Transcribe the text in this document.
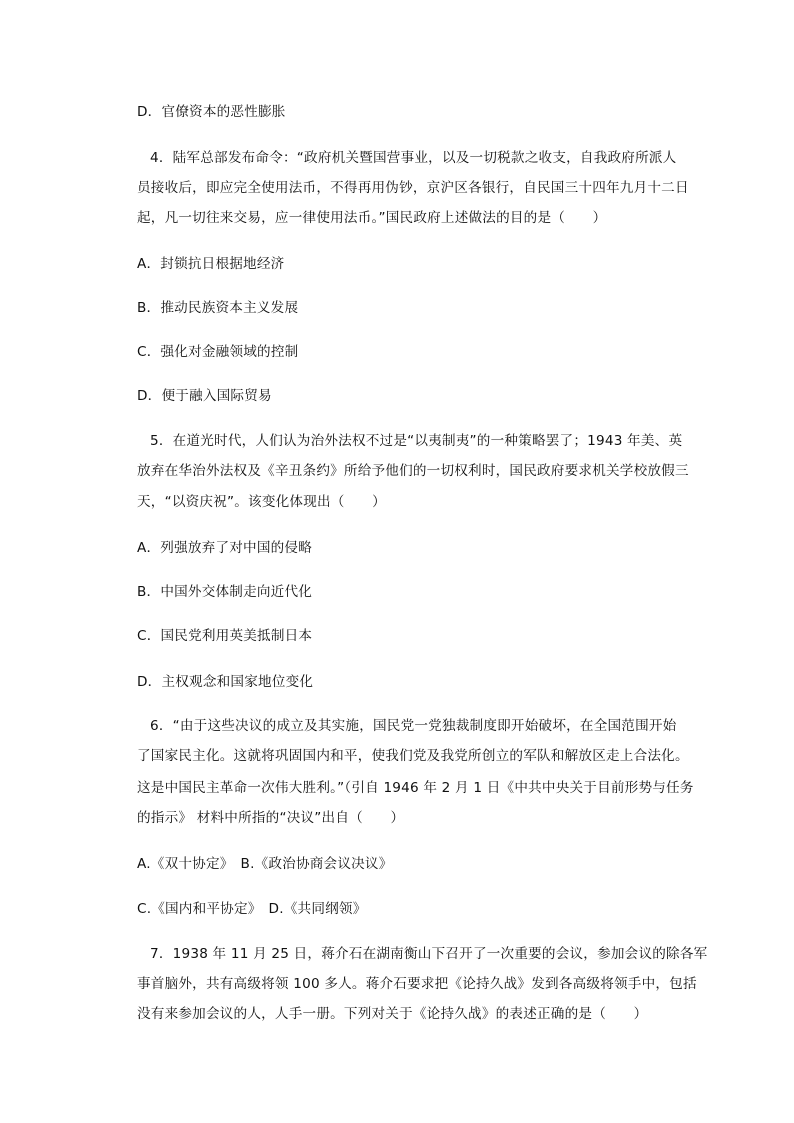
D．官僚资本的恶性膨胀
4．陆军总部发布命令：“政府机关暨国营事业，以及一切税款之收支，自我政府所派人
员接收后，即应完全使用法币，不得再用伪钞，京沪区各银行，自民国三十四年九月十二日
起，凡一切往来交易，应一律使用法币。”国民政府上述做法的目的是（　　）
A．封锁抗日根据地经济
B．推动民族资本主义发展
C．强化对金融领域的控制
D．便于融入国际贸易
5．在道光时代，人们认为治外法权不过是“以夷制夷”的一种策略罢了；1943 年美、英
放弃在华治外法权及《辛丑条约》所给予他们的一切权利时，国民政府要求机关学校放假三
天，“以资庆祝”。该变化体现出（　　）
A．列强放弃了对中国的侵略
B．中国外交体制走向近代化
C．国民党利用英美抵制日本
D．主权观念和国家地位变化
6．“由于这些决议的成立及其实施，国民党一党独裁制度即开始破坏，在全国范围开始
了国家民主化。这就将巩固国内和平，使我们党及我党所创立的军队和解放区走上合法化。
这是中国民主革命一次伟大胜利。”（引自 1946 年 2 月 1 日《中共中央关于目前形势与任务
的指示》 材料中所指的“决议”出自（　　）
A.《双十协定》　B.《政治协商会议决议》
C.《国内和平协定》　D.《共同纲领》
7．1938 年 11 月 25 日，蒋介石在湖南衡山下召开了一次重要的会议，参加会议的除各军
事首脑外，共有高级将领 100 多人。蒋介石要求把《论持久战》发到各高级将领手中，包括
没有来参加会议的人，人手一册。下列对关于《论持久战》的表述正确的是（　　）
